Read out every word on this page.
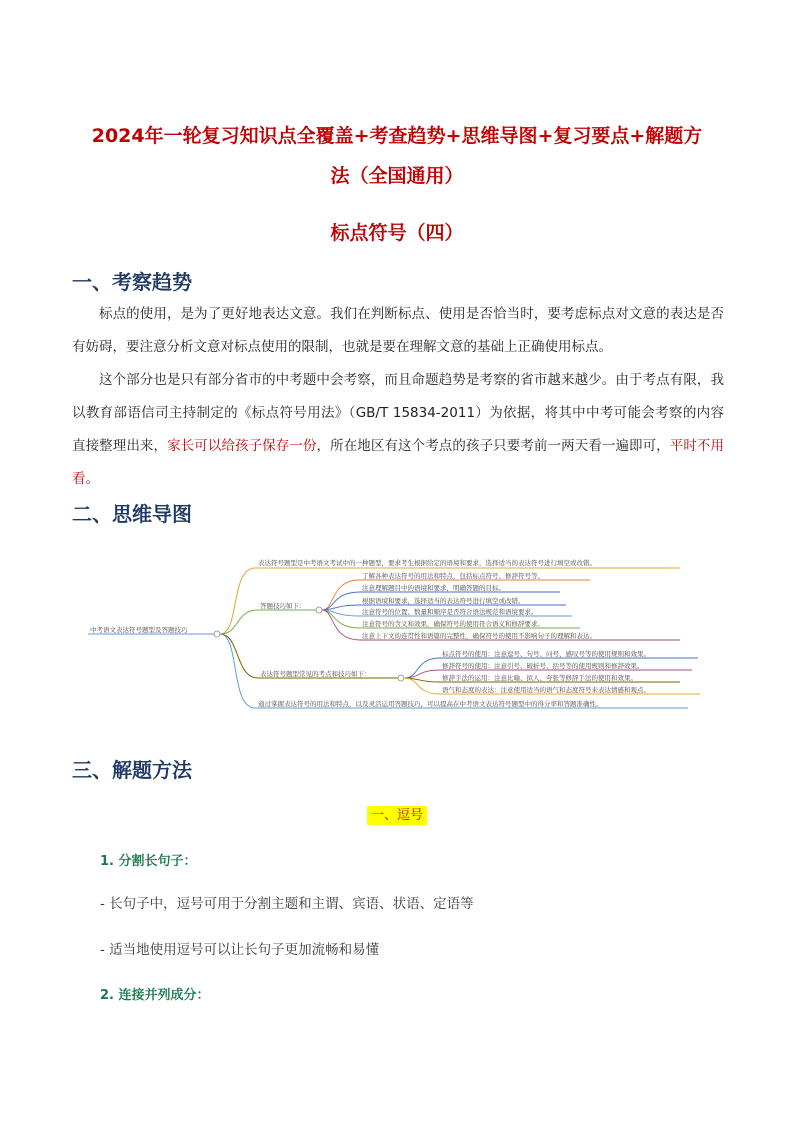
2024年一轮复习知识点全覆盖+考查趋势+思维导图+复习要点+解题方
法（全国通用）
标点符号（四）
一、考察趋势
标点的使用，是为了更好地表达文意。我们在判断标点、使用是否恰当时，要考虑标点对文意的表达是否有妨碍，要注意分析文意对标点使用的限制，也就是要在理解文意的基础上正确使用标点。
这个部分也是只有部分省市的中考题中会考察，而且命题趋势是考察的省市越来越少。由于考点有限，我以教育部语信司主持制定的《标点符号用法》（GB/T 15834-2011）为依据，将其中中考可能会考察的内容直接整理出来，家长可以给孩子保存一份，所在地区有这个考点的孩子只要考前一两天看一遍即可，平时不用看。
二、思维导图
中考语文表达符号题型及答题技巧
表达符号题型是中考语文考试中的一种题型，要求考生根据给定的语境和要求，选择适当的表达符号进行填空或改错。
答题技巧如下：
了解各种表达符号的用法和特点，包括标点符号、修辞符号等。
注意理解题目中的语境和要求，明确答题的目标。
根据语境和要求，选择适当的表达符号进行填空或改错。
注意符号的位置、数量和顺序是否符合语法规范和语境要求。
注意符号的含义和效果，确保符号的使用符合语义和修辞要求。
注意上下文的连贯性和语篇的完整性，确保符号的使用不影响句子的理解和表达。
表达符号题型常见的考点和技巧如下：
标点符号的使用：注意逗号、句号、问号、感叹号等的使用规则和效果。
修辞符号的使用：注意引号、破折号、括号等的使用规则和修辞效果。
修辞手法的运用：注意比喻、拟人、夸张等修辞手法的使用和效果。
语气和态度的表达：注意使用适当的语气和态度符号来表达情感和观点。
通过掌握表达符号的用法和特点，以及灵活运用答题技巧，可以提高在中考语文表达符号题型中的得分率和答题准确性。
三、解题方法
一、逗号
1. 分割长句子：
- 长句子中，逗号可用于分割主题和主谓、宾语、状语、定语等
- 适当地使用逗号可以让长句子更加流畅和易懂
2. 连接并列成分：
